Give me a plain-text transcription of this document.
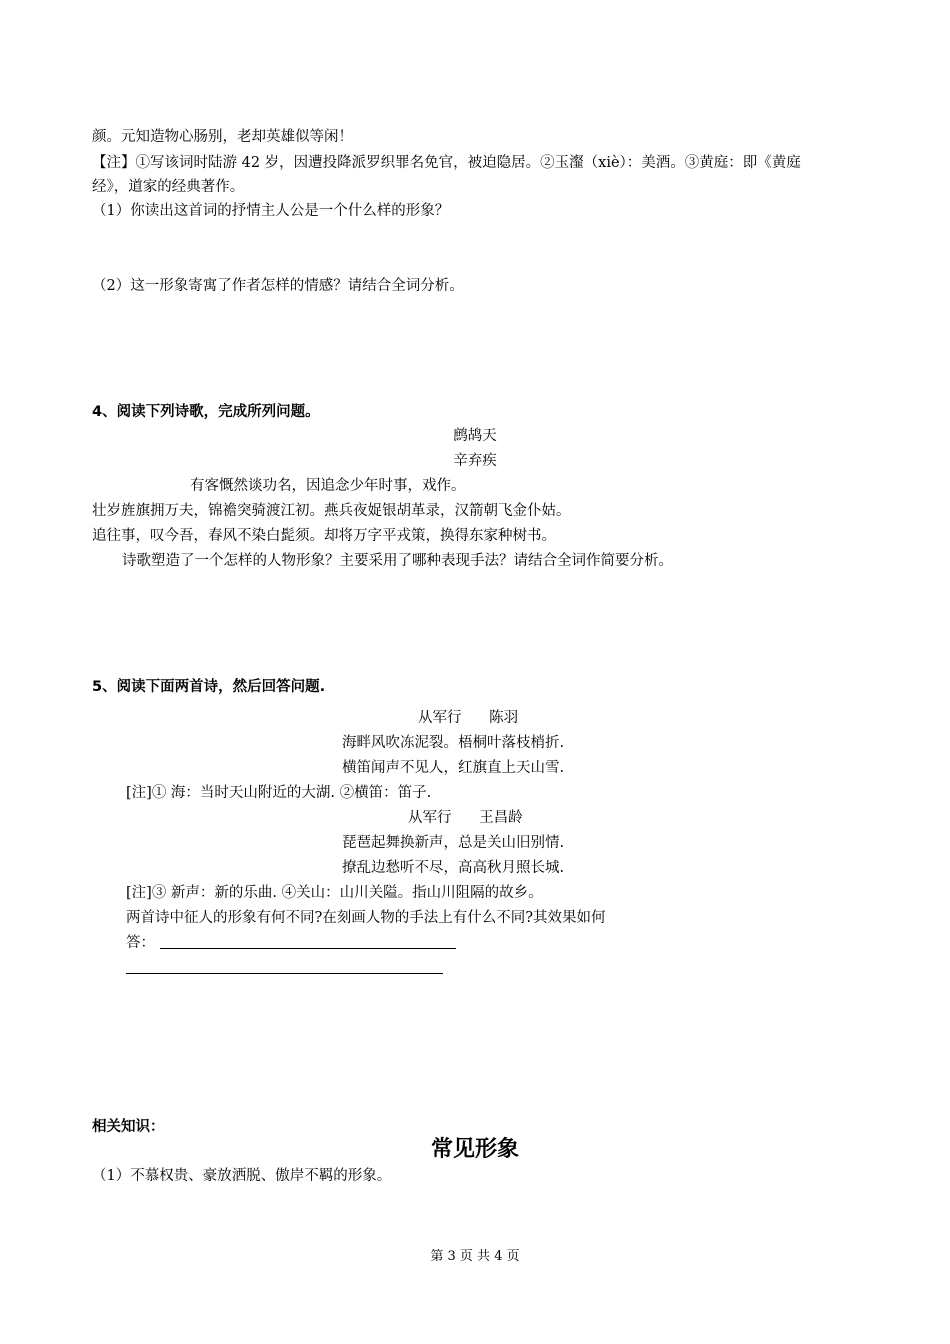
颜。元知造物心肠别，老却英雄似等闲！
【注】①写该词时陆游 42 岁，因遭投降派罗织罪名免官，被迫隐居。②玉瀣（xiè）：美酒。③黄庭：即《黄庭
经》，道家的经典著作。
（1）你读出这首词的抒情主人公是一个什么样的形象？
（2）这一形象寄寓了作者怎样的情感？请结合全词分析。
4、阅读下列诗歌，完成所列问题。
鹧鸪天
辛弃疾
有客慨然谈功名，因追念少年时事，戏作。
壮岁旌旗拥万夫，锦襜突骑渡江初。燕兵夜娖银胡革录，汉箭朝飞金仆姑。
追往事，叹今吾，春风不染白髭须。却将万字平戎策，换得东家种树书。
诗歌塑造了一个怎样的人物形象？主要采用了哪种表现手法？请结合全词作简要分析。
5、阅读下面两首诗，然后回答问题.
从军行      陈羽
海畔风吹冻泥裂。梧桐叶落枝梢折.
横笛闻声不见人，红旗直上天山雪.
[注]① 海：当时天山附近的大湖. ②横笛：笛子.
从军行      王昌龄
琵琶起舞换新声，总是关山旧别情.
撩乱边愁听不尽，高高秋月照长城.
[注]③ 新声：新的乐曲. ④关山：山川关隘。指山川阻隔的故乡。
两首诗中征人的形象有何不同?在刻画人物的手法上有什么不同?其效果如何
答：
相关知识：
常见形象
（1）不慕权贵、豪放洒脱、傲岸不羁的形象。
第 3 页 共 4 页
